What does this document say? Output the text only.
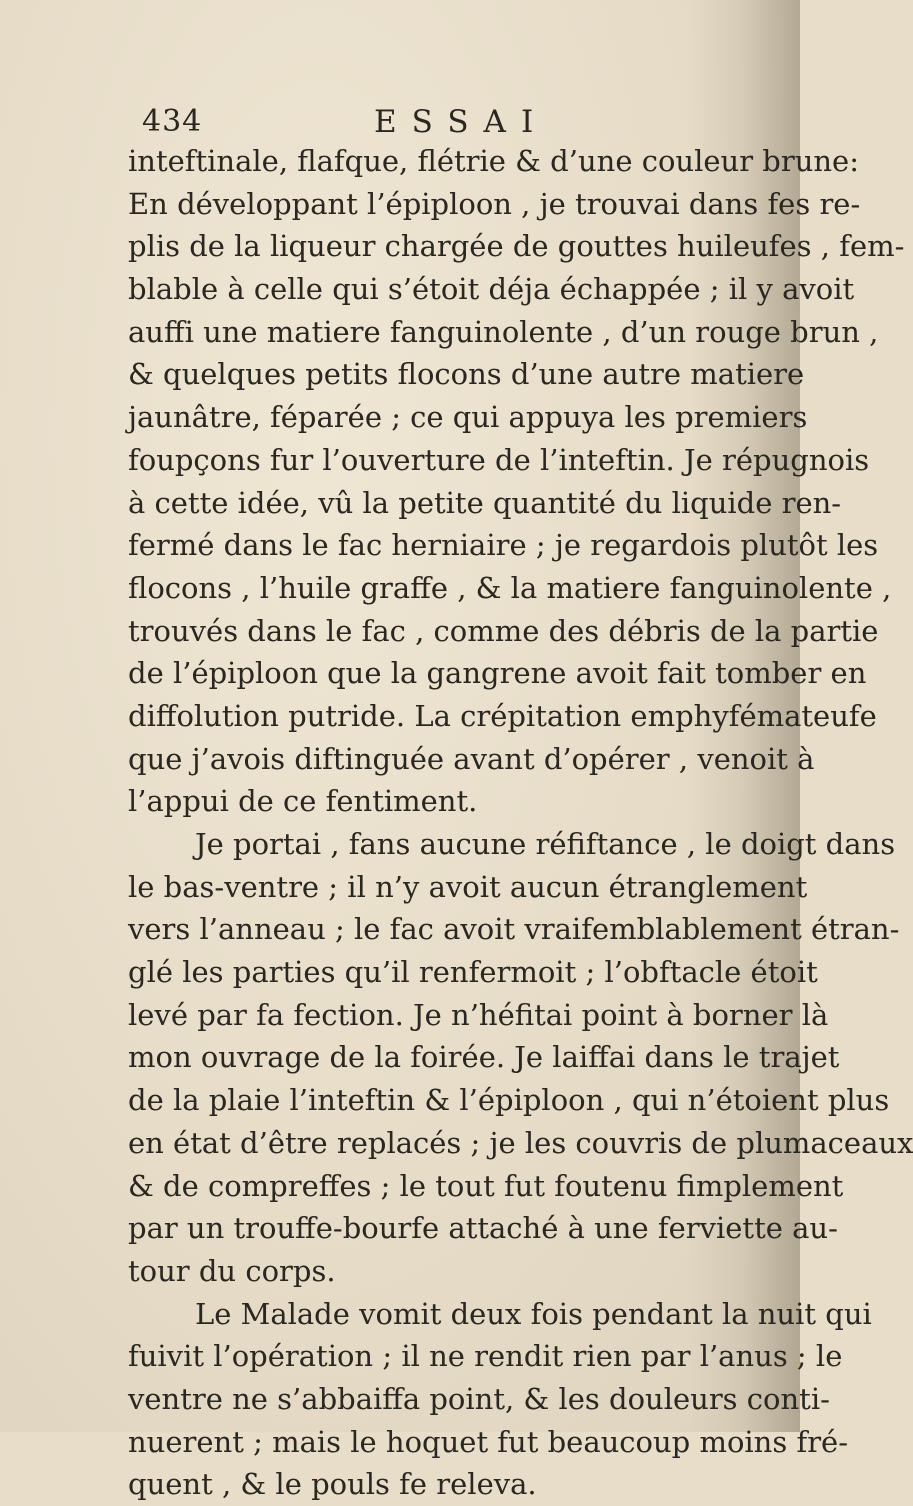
434	ESSAI
inteftinale, flafque, flétrie & d’une couleur brune:
En développant l’épiploon , je trouvai dans fes re-
plis de la liqueur chargée de gouttes huileufes , fem-
blable à celle qui s’étoit déja échappée ; il y avoit
auffi une matiere fanguinolente , d’un rouge brun ,
& quelques petits flocons d’une autre matiere
jaunâtre, féparée ; ce qui appuya les premiers
foupçons fur l’ouverture de l’inteftin. Je répugnois
à cette idée, vû la petite quantité du liquide ren-
fermé dans le fac herniaire ; je regardois plutôt les
flocons , l’huile graffe , & la matiere fanguinolente ,
trouvés dans le fac , comme des débris de la partie
de l’épiploon que la gangrene avoit fait tomber en
diffolution putride. La crépitation emphyfémateufe
que j’avois diftinguée avant d’opérer , venoit à
l’appui de ce fentiment.
Je portai , fans aucune réfiftance , le doigt dans
le bas-ventre ; il n’y avoit aucun étranglement
vers l’anneau ; le fac avoit vraifemblablement étran-
glé les parties qu’il renfermoit ; l’obftacle étoit
levé par fa fection. Je n’héfitai point à borner là
mon ouvrage de la foirée. Je laiffai dans le trajet
de la plaie l’inteftin & l’épiploon , qui n’étoient plus
en état d’être replacés ; je les couvris de plumaceaux
& de compreffes ; le tout fut foutenu fimplement
par un trouffe-bourfe attaché à une ferviette au-
tour du corps.
Le Malade vomit deux fois pendant la nuit qui
fuivit l’opération ; il ne rendit rien par l’anus ; le
ventre ne s’abbaiffa point, & les douleurs conti-
nuerent ; mais le hoquet fut beaucoup moins fré-
quent , & le pouls fe releva.
